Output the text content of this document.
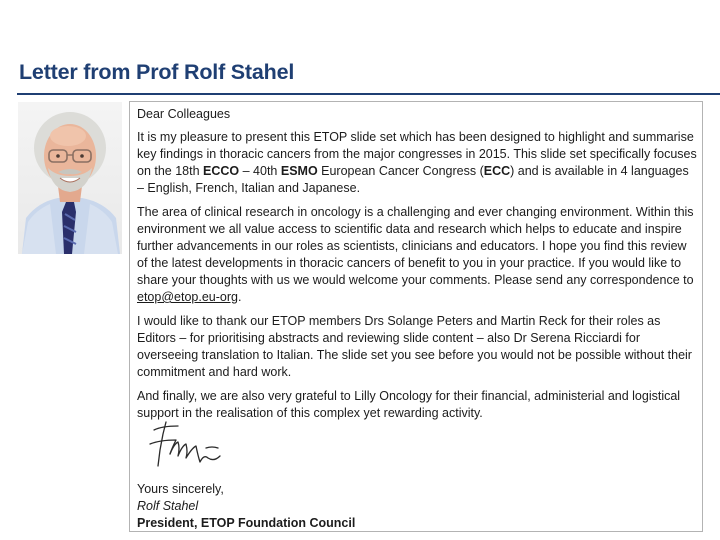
Letter from Prof Rolf Stahel

Dear Colleagues

It is my pleasure to present this ETOP slide set which has been designed to highlight and summarise key findings in thoracic cancers from the major congresses in 2015. This slide set specifically focuses on the 18th ECCO – 40th ESMO European Cancer Congress (ECC) and is available in 4 languages – English, French, Italian and Japanese.

The area of clinical research in oncology is a challenging and ever changing environment. Within this environment we all value access to scientific data and research which helps to educate and inspire further advancements in our roles as scientists, clinicians and educators. I hope you find this review of the latest developments in thoracic cancers of benefit to you in your practice. If you would like to share your thoughts with us we would welcome your comments. Please send any correspondence to etop@etop.eu-org.

I would like to thank our ETOP members Drs Solange Peters and Martin Reck for their roles as Editors – for prioritising abstracts and reviewing slide content – also Dr Serena Ricciardi for overseeing translation to Italian. The slide set you see before you would not be possible without their commitment and hard work.

And finally, we are also very grateful to Lilly Oncology for their financial, administerial and logistical support in the realisation of this complex yet rewarding activity.

Yours sincerely,
Rolf Stahel
President, ETOP Foundation Council
